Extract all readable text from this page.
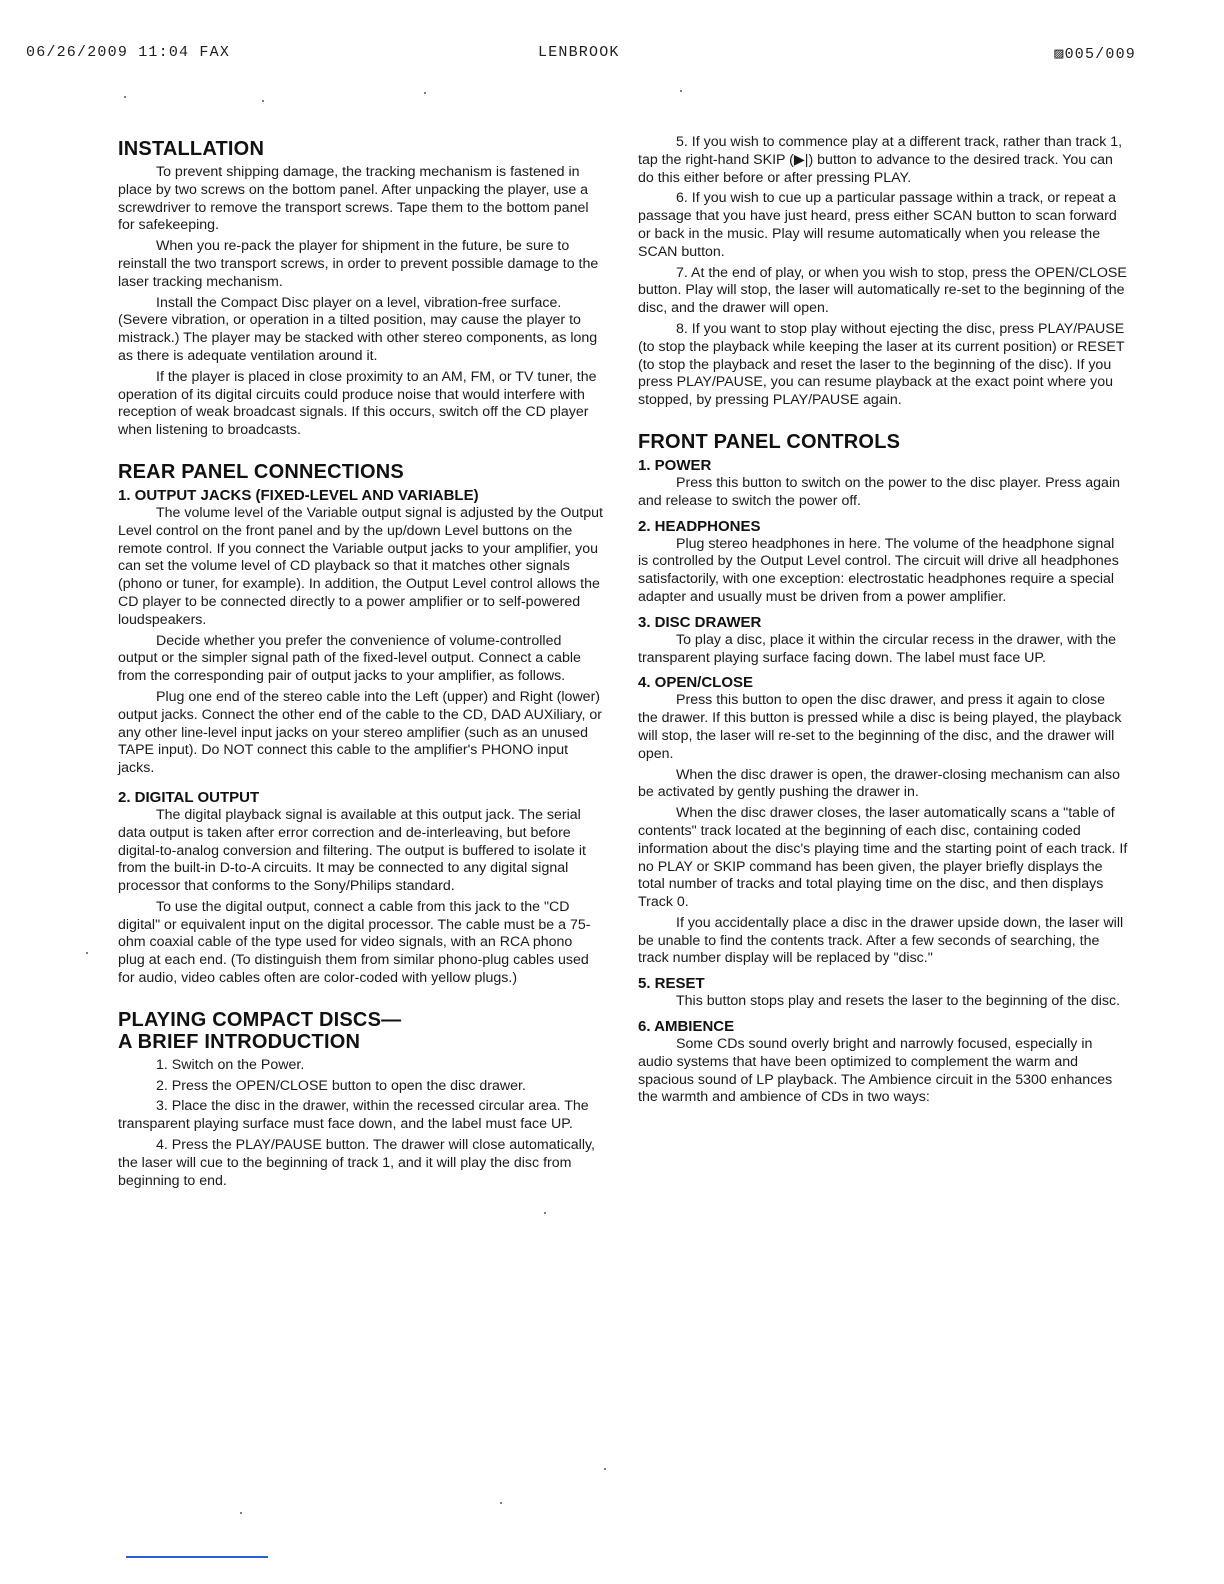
06/26/2009 11:04 FAX	LENBROOK	▨005/009
INSTALLATION

To prevent shipping damage, the tracking mechanism is fastened in place by two screws on the bottom panel. After unpacking the player, use a screwdriver to remove the transport screws. Tape them to the bottom panel for safekeeping.

When you re-pack the player for shipment in the future, be sure to reinstall the two transport screws, in order to prevent possible damage to the laser tracking mechanism.

Install the Compact Disc player on a level, vibration-free surface. (Severe vibration, or operation in a tilted position, may cause the player to mistrack.) The player may be stacked with other stereo components, as long as there is adequate ventilation around it.

If the player is placed in close proximity to an AM, FM, or TV tuner, the operation of its digital circuits could produce noise that would interfere with reception of weak broadcast signals. If this occurs, switch off the CD player when listening to broadcasts.

REAR PANEL CONNECTIONS
1. OUTPUT JACKS (FIXED-LEVEL AND VARIABLE)

The volume level of the Variable output signal is adjusted by the Output Level control on the front panel and by the up/down Level buttons on the remote control. If you connect the Variable output jacks to your amplifier, you can set the volume level of CD playback so that it matches other signals (phono or tuner, for example). In addition, the Output Level control allows the CD player to be connected directly to a power amplifier or to self-powered loudspeakers.

Decide whether you prefer the convenience of volume-controlled output or the simpler signal path of the fixed-level output. Connect a cable from the corresponding pair of output jacks to your amplifier, as follows.

Plug one end of the stereo cable into the Left (upper) and Right (lower) output jacks. Connect the other end of the cable to the CD, DAD AUXiliary, or any other line-level input jacks on your stereo amplifier (such as an unused TAPE input). Do NOT connect this cable to the amplifier's PHONO input jacks.

2. DIGITAL OUTPUT

The digital playback signal is available at this output jack. The serial data output is taken after error correction and de-interleaving, but before digital-to-analog conversion and filtering. The output is buffered to isolate it from the built-in D-to-A circuits. It may be connected to any digital signal processor that conforms to the Sony/Philips standard.

To use the digital output, connect a cable from this jack to the "CD digital" or equivalent input on the digital processor. The cable must be a 75-ohm coaxial cable of the type used for video signals, with an RCA phono plug at each end. (To distinguish them from similar phono-plug cables used for audio, video cables often are color-coded with yellow plugs.)

PLAYING COMPACT DISCS—
A BRIEF INTRODUCTION

1. Switch on the Power.

2. Press the OPEN/CLOSE button to open the disc drawer.

3. Place the disc in the drawer, within the recessed circular area. The transparent playing surface must face down, and the label must face UP.

4. Press the PLAY/PAUSE button. The drawer will close automatically, the laser will cue to the beginning of track 1, and it will play the disc from beginning to end.

5. If you wish to commence play at a different track, rather than track 1, tap the right-hand SKIP (▶|) button to advance to the desired track. You can do this either before or after pressing PLAY.

6. If you wish to cue up a particular passage within a track, or repeat a passage that you have just heard, press either SCAN button to scan forward or back in the music. Play will resume automatically when you release the SCAN button.

7. At the end of play, or when you wish to stop, press the OPEN/CLOSE button. Play will stop, the laser will automatically re-set to the beginning of the disc, and the drawer will open.

8. If you want to stop play without ejecting the disc, press PLAY/PAUSE (to stop the playback while keeping the laser at its current position) or RESET (to stop the playback and reset the laser to the beginning of the disc). If you press PLAY/PAUSE, you can resume playback at the exact point where you stopped, by pressing PLAY/PAUSE again.

FRONT PANEL CONTROLS
1. POWER

Press this button to switch on the power to the disc player. Press again and release to switch the power off.

2. HEADPHONES

Plug stereo headphones in here. The volume of the headphone signal is controlled by the Output Level control. The circuit will drive all headphones satisfactorily, with one exception: electrostatic headphones require a special adapter and usually must be driven from a power amplifier.

3. DISC DRAWER

To play a disc, place it within the circular recess in the drawer, with the transparent playing surface facing down. The label must face UP.

4. OPEN/CLOSE

Press this button to open the disc drawer, and press it again to close the drawer. If this button is pressed while a disc is being played, the playback will stop, the laser will re-set to the beginning of the disc, and the drawer will open.

When the disc drawer is open, the drawer-closing mechanism can also be activated by gently pushing the drawer in.

When the disc drawer closes, the laser automatically scans a "table of contents" track located at the beginning of each disc, containing coded information about the disc's playing time and the starting point of each track. If no PLAY or SKIP command has been given, the player briefly displays the total number of tracks and total playing time on the disc, and then displays Track 0.

If you accidentally place a disc in the drawer upside down, the laser will be unable to find the contents track. After a few seconds of searching, the track number display will be replaced by "disc."

5. RESET

This button stops play and resets the laser to the beginning of the disc.

6. AMBIENCE

Some CDs sound overly bright and narrowly focused, especially in audio systems that have been optimized to complement the warm and spacious sound of LP playback. The Ambience circuit in the 5300 enhances the warmth and ambience of CDs in two ways:
